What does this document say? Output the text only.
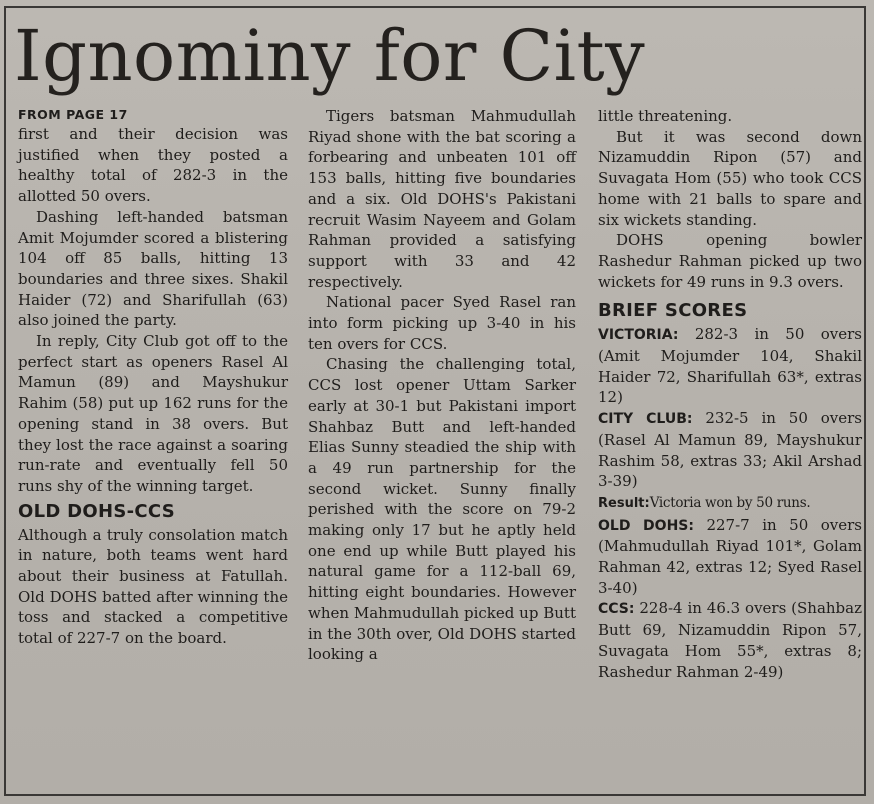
Ignominy for City
FROM PAGE 17

first and their decision was justified when they posted a healthy total of 282-3 in the allotted 50 overs.

Dashing left-handed batsman Amit Mojumder scored a blistering 104 off 85 balls, hitting 13 boundaries and three sixes. Shakil Haider (72) and Sharifullah (63) also joined the party.

In reply, City Club got off to the perfect start as openers Rasel Al Mamun (89) and Mayshukur Rahim (58) put up 162 runs for the opening stand in 38 overs. But they lost the race against a soaring run-rate and eventually fell 50 runs shy of the winning target.

OLD DOHS-CCS

Although a truly consolation match in nature, both teams went hard about their business at Fatullah. Old DOHS batted after winning the toss and stacked a competitive total of 227-7 on the board.

Tigers batsman Mahmudullah Riyad shone with the bat scoring a forbearing and unbeaten 101 off 153 balls, hitting five boundaries and a six. Old DOHS's Pakistani recruit Wasim Nayeem and Golam Rahman provided a satisfying support with 33 and 42 respectively.

National pacer Syed Rasel ran into form picking up 3-40 in his ten overs for CCS.

Chasing the challenging total, CCS lost opener Uttam Sarker early at 30-1 but Pakistani import Shahbaz Butt and left-handed Elias Sunny steadied the ship with a 49 run partnership for the second wicket. Sunny finally perished with the score on 79-2 making only 17 but he aptly held one end up while Butt played his natural game for a 112-ball 69, hitting eight boundaries. However when Mahmudullah picked up Butt in the 30th over, Old DOHS started looking a

little threatening.

But it was second down Nizamuddin Ripon (57) and Suvagata Hom (55) who took CCS home with 21 balls to spare and six wickets standing.

DOHS opening bowler Rashedur Rahman picked up two wickets for 49 runs in 9.3 overs.

BRIEF SCORES

VICTORIA: 282-3 in 50 overs (Amit Mojumder 104, Shakil Haider 72, Sharifullah 63*, extras 12)

CITY CLUB: 232-5 in 50 overs (Rasel Al Mamun 89, Mayshukur Rashim 58, extras 33; Akil Arshad 3-39)

Result:Victoria won by 50 runs.

OLD DOHS: 227-7 in 50 overs (Mahmudullah Riyad 101*, Golam Rahman 42, extras 12; Syed Rasel 3-40)

CCS: 228-4 in 46.3 overs (Shahbaz Butt 69, Nizamuddin Ripon 57, Suvagata Hom 55*, extras 8; Rashedur Rahman 2-49)
